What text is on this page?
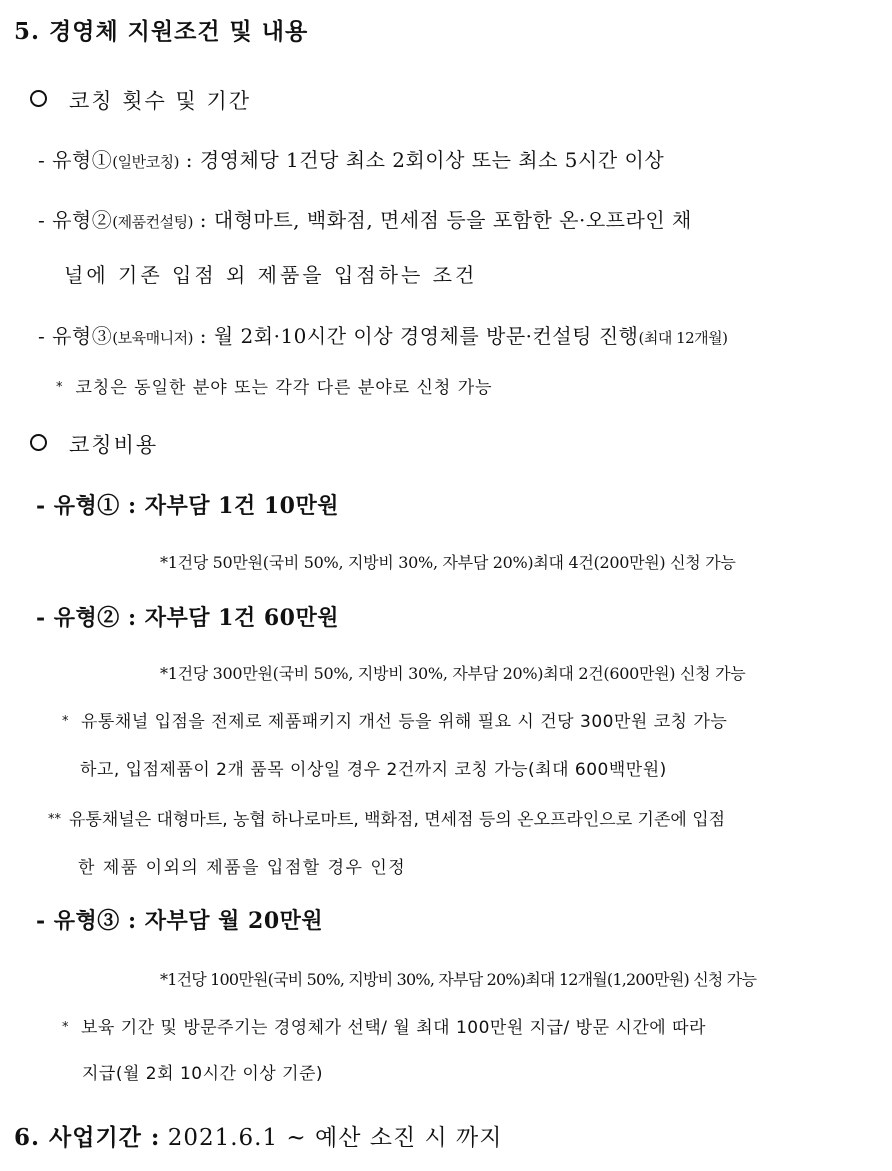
5. 경영체 지원조건 및 내용
코칭 횟수 및 기간
- 유형①(일반코칭) : 경영체당 1건당 최소 2회이상 또는 최소 5시간 이상
- 유형②(제품컨설팅) : 대형마트, 백화점, 면세점 등을 포함한 온·오프라인 채
널에 기존 입점 외 제품을 입점하는 조건
- 유형③(보육매니저) : 월 2회·10시간 이상 경영체를 방문·컨설팅 진행(최대 12개월)
* 코칭은 동일한 분야 또는 각각 다른 분야로 신청 가능
코칭비용
- 유형① : 자부담 1건 10만원
*1건당 50만원(국비 50%, 지방비 30%, 자부담 20%)최대 4건(200만원) 신청 가능
- 유형② : 자부담 1건 60만원
*1건당 300만원(국비 50%, 지방비 30%, 자부담 20%)최대 2건(600만원) 신청 가능
* 유통채널 입점을 전제로 제품패키지 개선 등을 위해 필요 시 건당 300만원 코칭 가능
하고, 입점제품이 2개 품목 이상일 경우 2건까지 코칭 가능(최대 600백만원)
** 유통채널은 대형마트, 농협 하나로마트, 백화점, 면세점 등의 온오프라인으로 기존에 입점
한 제품 이외의 제품을 입점할 경우 인정
- 유형③ : 자부담 월 20만원
*1건당 100만원(국비 50%, 지방비 30%, 자부담 20%)최대 12개월(1,200만원) 신청 가능
* 보육 기간 및 방문주기는 경영체가 선택/ 월 최대 100만원 지급/ 방문 시간에 따라
지급(월 2회 10시간 이상 기준)
6. 사업기간 : 2021.6.1 ~ 예산 소진 시 까지
